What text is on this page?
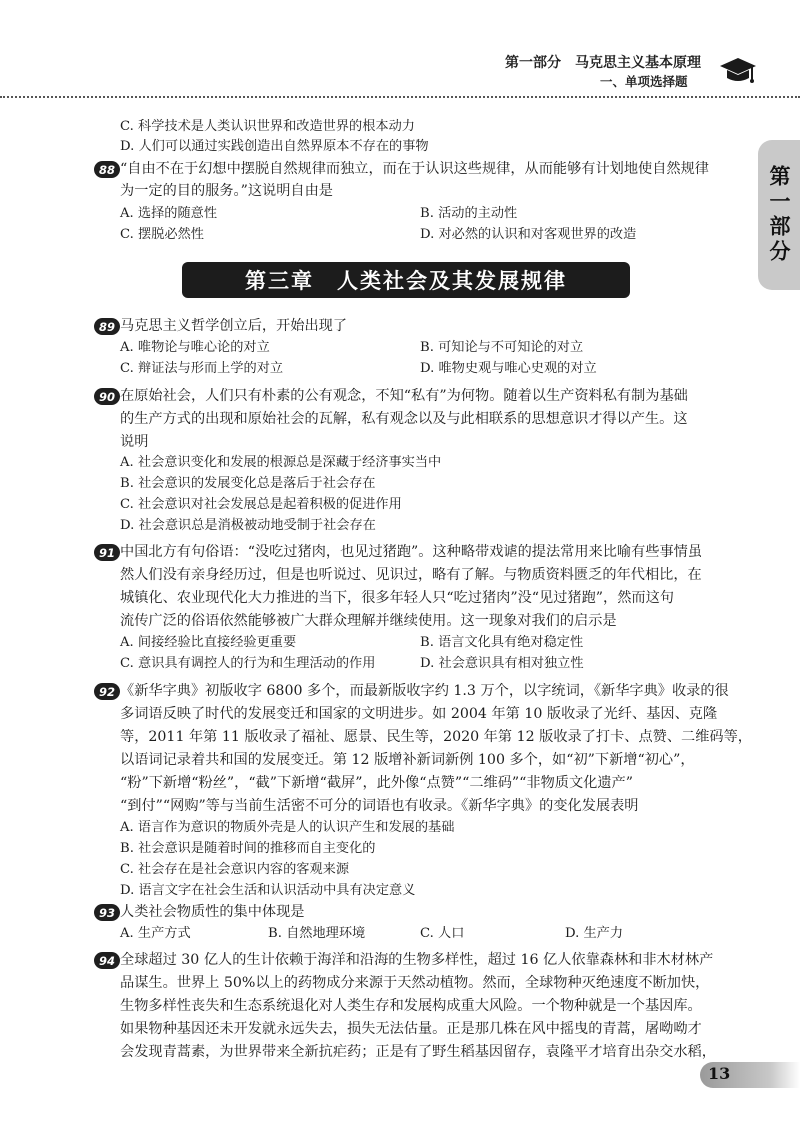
第一部分　马克思主义基本原理
一、单项选择题
第一部分
C. 科学技术是人类认识世界和改造世界的根本动力
D. 人们可以通过实践创造出自然界原本不存在的事物
88 “自由不在于幻想中摆脱自然规律而独立，而在于认识这些规律，从而能够有计划地使自然规律
为一定的目的服务。”这说明自由是
A. 选择的随意性	B. 活动的主动性
C. 摆脱必然性	D. 对必然的认识和对客观世界的改造
第三章　人类社会及其发展规律
89 马克思主义哲学创立后，开始出现了
A. 唯物论与唯心论的对立	B. 可知论与不可知论的对立
C. 辩证法与形而上学的对立	D. 唯物史观与唯心史观的对立
90 在原始社会，人们只有朴素的公有观念，不知“私有”为何物。随着以生产资料私有制为基础
的生产方式的出现和原始社会的瓦解，私有观念以及与此相联系的思想意识才得以产生。这
说明
A. 社会意识变化和发展的根源总是深藏于经济事实当中
B. 社会意识的发展变化总是落后于社会存在
C. 社会意识对社会发展总是起着积极的促进作用
D. 社会意识总是消极被动地受制于社会存在
91 中国北方有句俗语：“没吃过猪肉，也见过猪跑”。这种略带戏谑的提法常用来比喻有些事情虽
然人们没有亲身经历过，但是也听说过、见识过，略有了解。与物质资料匮乏的年代相比，在
城镇化、农业现代化大力推进的当下，很多年轻人只“吃过猪肉”没“见过猪跑”，然而这句
流传广泛的俗语依然能够被广大群众理解并继续使用。这一现象对我们的启示是
A. 间接经验比直接经验更重要	B. 语言文化具有绝对稳定性
C. 意识具有调控人的行为和生理活动的作用	D. 社会意识具有相对独立性
92 《新华字典》初版收字 6800 多个，而最新版收字约 1.3 万个，以字统词，《新华字典》收录的很
多词语反映了时代的发展变迁和国家的文明进步。如 2004 年第 10 版收录了光纤、基因、克隆
等，2011 年第 11 版收录了福祉、愿景、民生等，2020 年第 12 版收录了打卡、点赞、二维码等，
以语词记录着共和国的发展变迁。第 12 版增补新词新例 100 多个，如“初”下新增“初心”，
“粉”下新增“粉丝”，“截”下新增“截屏”，此外像“点赞”“二维码”“非物质文化遗产”
“到付”“网购”等与当前生活密不可分的词语也有收录。《新华字典》的变化发展表明
A. 语言作为意识的物质外壳是人的认识产生和发展的基础
B. 社会意识是随着时间的推移而自主变化的
C. 社会存在是社会意识内容的客观来源
D. 语言文字在社会生活和认识活动中具有决定意义
93 人类社会物质性的集中体现是
A. 生产方式	B. 自然地理环境	C. 人口	D. 生产力
94 全球超过 30 亿人的生计依赖于海洋和沿海的生物多样性，超过 16 亿人依靠森林和非木材林产
品谋生。世界上 50%以上的药物成分来源于天然动植物。然而，全球物种灭绝速度不断加快，
生物多样性丧失和生态系统退化对人类生存和发展构成重大风险。一个物种就是一个基因库。
如果物种基因还未开发就永远失去，损失无法估量。正是那几株在风中摇曳的青蒿，屠呦呦才
会发现青蒿素，为世界带来全新抗疟药；正是有了野生稻基因留存，袁隆平才培育出杂交水稻，
13
